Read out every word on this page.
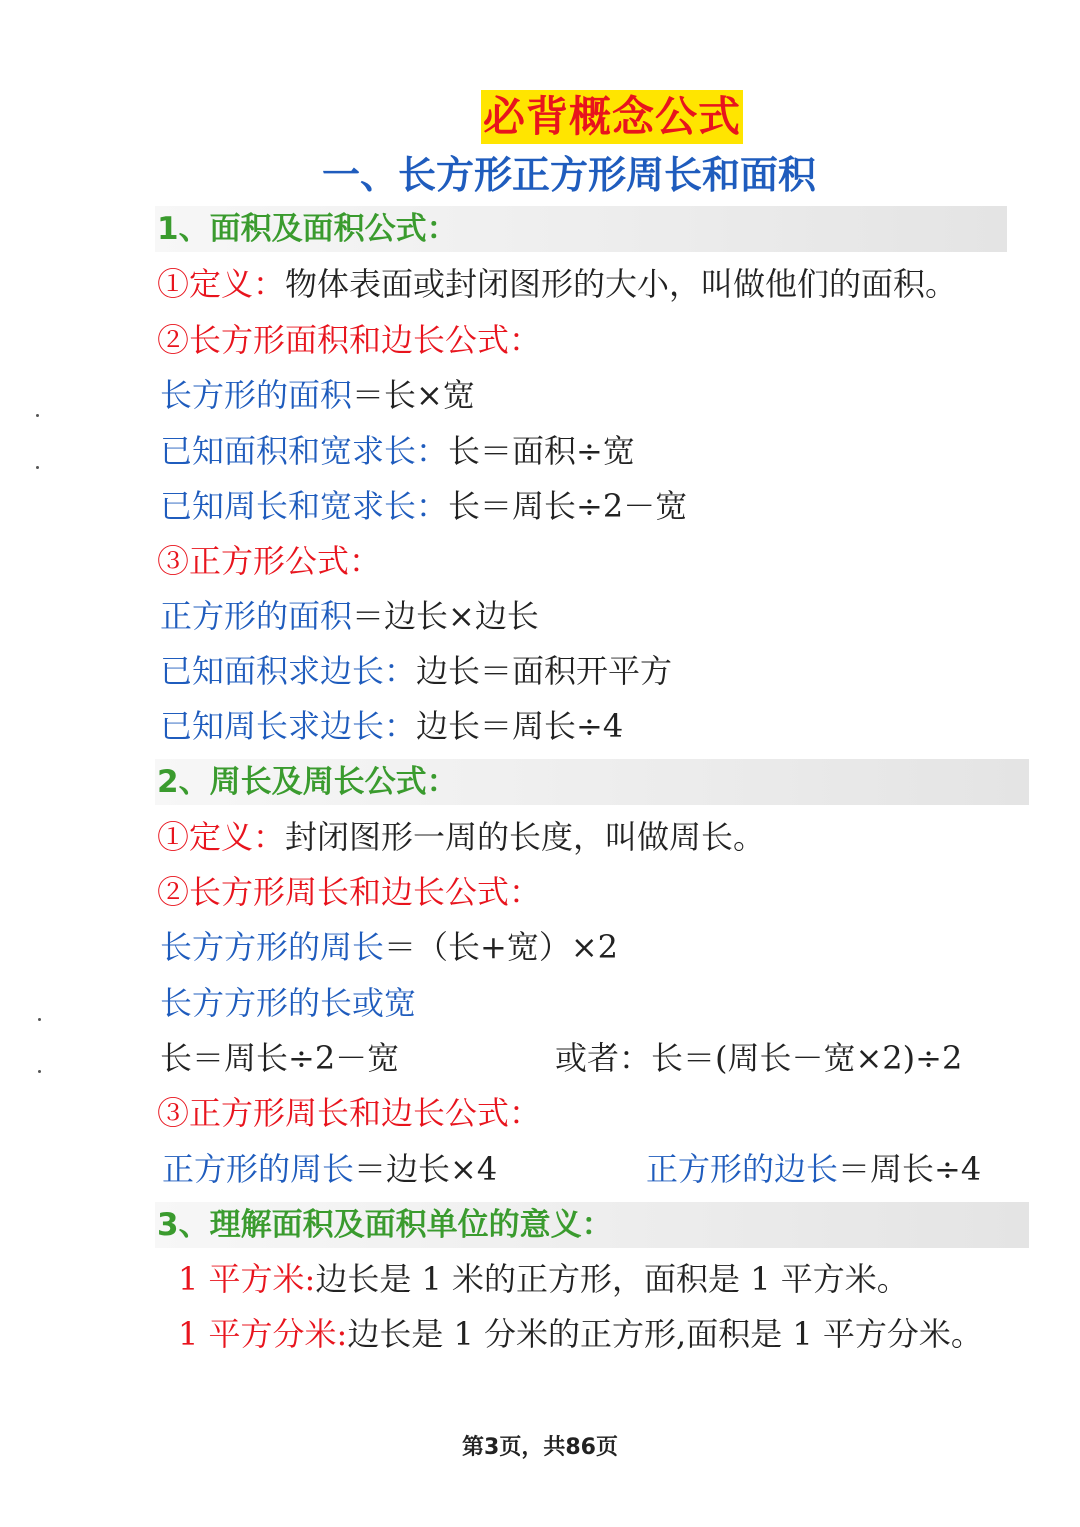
必背概念公式
一、长方形正方形周长和面积
1、面积及面积公式：
①定义：物体表面或封闭图形的大小，叫做他们的面积。
②长方形面积和边长公式：
长方形的面积＝长×宽
已知面积和宽求长：长＝面积÷宽
已知周长和宽求长：长＝周长÷2－宽
③正方形公式：
正方形的面积＝边长×边长
已知面积求边长：边长＝面积开平方
已知周长求边长：边长＝周长÷4
2、周长及周长公式：
①定义：封闭图形一周的长度，叫做周长。
②长方形周长和边长公式：
长方方形的周长＝（长+宽）×2
长方方形的长或宽
长＝周长÷2－宽	或者：长＝(周长－宽×2)÷2
③正方形周长和边长公式：
正方形的周长＝边长×4	正方形的边长＝周长÷4
3、理解面积及面积单位的意义：
1 平方米:边长是 1 米的正方形，面积是 1 平方米。
1 平方分米:边长是 1 分米的正方形,面积是 1 平方分米。
第3页，共86页
